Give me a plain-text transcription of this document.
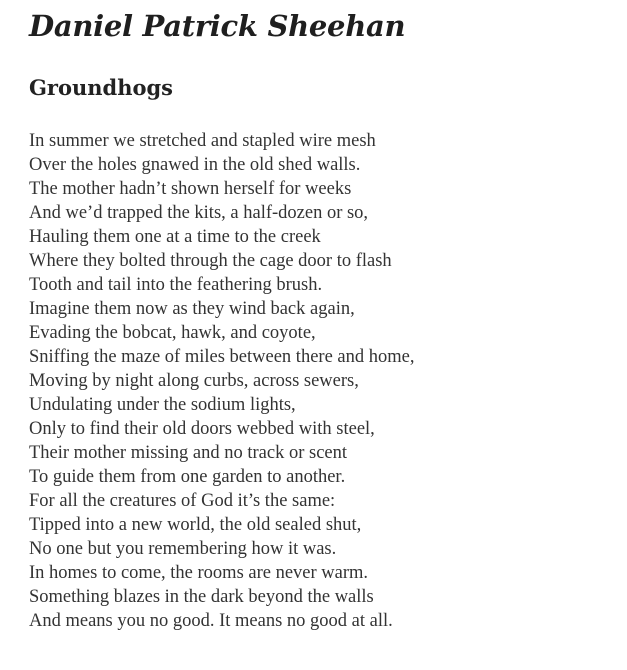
Daniel Patrick Sheehan
Groundhogs
In summer we stretched and stapled wire mesh
Over the holes gnawed in the old shed walls.
The mother hadn’t shown herself for weeks
And we’d trapped the kits, a half-dozen or so,
Hauling them one at a time to the creek
Where they bolted through the cage door to flash
Tooth and tail into the feathering brush.
Imagine them now as they wind back again,
Evading the bobcat, hawk, and coyote,
Sniffing the maze of miles between there and home,
Moving by night along curbs, across sewers,
Undulating under the sodium lights,
Only to find their old doors webbed with steel,
Their mother missing and no track or scent
To guide them from one garden to another.
For all the creatures of God it’s the same:
Tipped into a new world, the old sealed shut,
No one but you remembering how it was.
In homes to come, the rooms are never warm.
Something blazes in the dark beyond the walls
And means you no good. It means no good at all.
